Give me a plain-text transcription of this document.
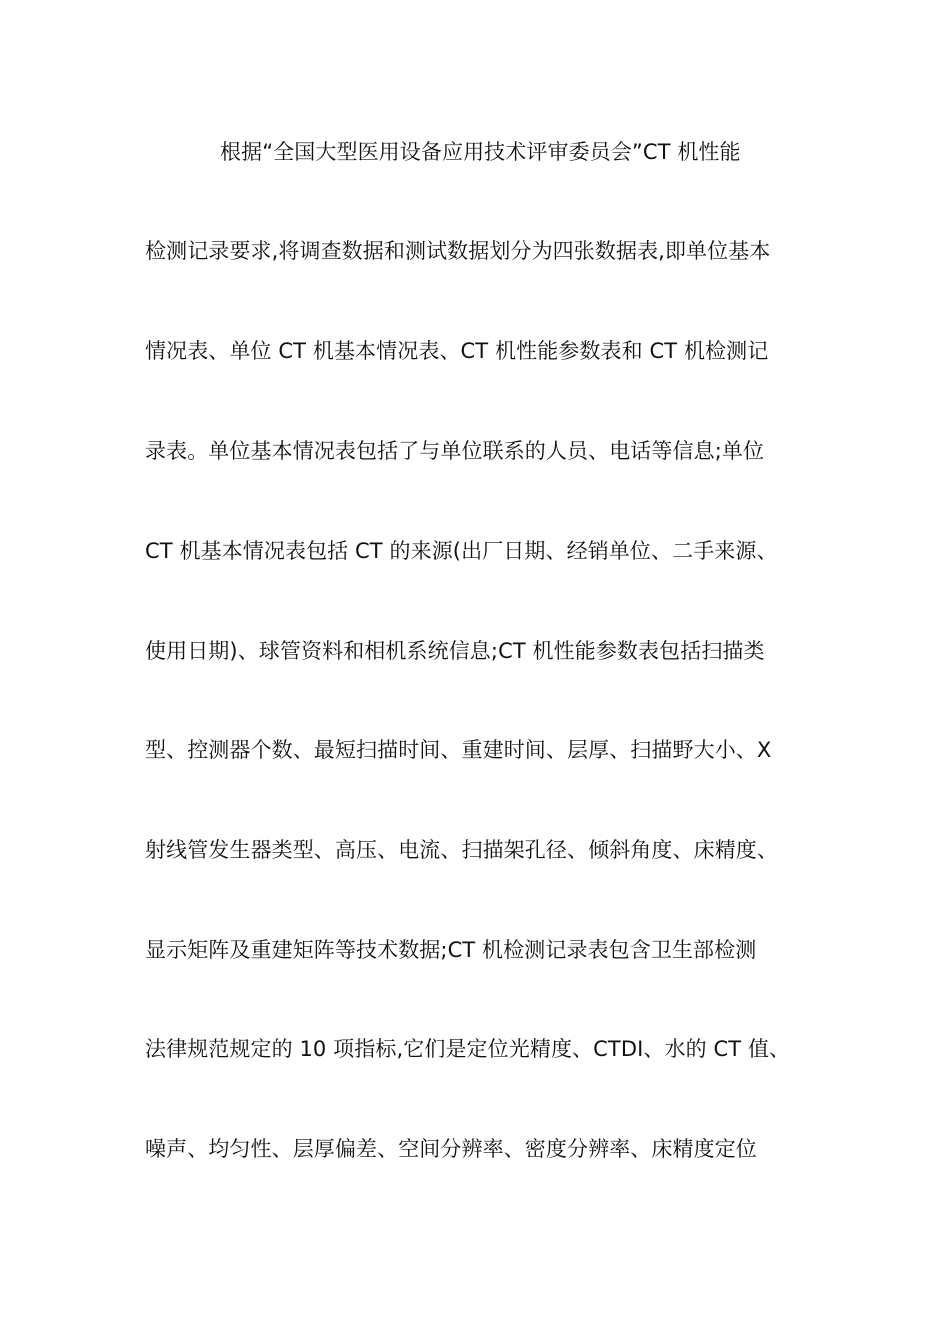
根据“全国大型医用设备应用技术评审委员会”CT 机性能
检测记录要求,将调查数据和测试数据划分为四张数据表,即单位基本
情况表、单位 CT 机基本情况表、CT 机性能参数表和 CT 机检测记
录表。单位基本情况表包括了与单位联系的人员、电话等信息;单位
CT 机基本情况表包括 CT 的来源(出厂日期、经销单位、二手来源、
使用日期)、球管资料和相机系统信息;CT 机性能参数表包括扫描类
型、控测器个数、最短扫描时间、重建时间、层厚、扫描野大小、X
射线管发生器类型、高压、电流、扫描架孔径、倾斜角度、床精度、
显示矩阵及重建矩阵等技术数据;CT 机检测记录表包含卫生部检测
法律规范规定的 10 项指标,它们是定位光精度、CTDI、水的 CT 值、
噪声、均匀性、层厚偏差、空间分辨率、密度分辨率、床精度定位
